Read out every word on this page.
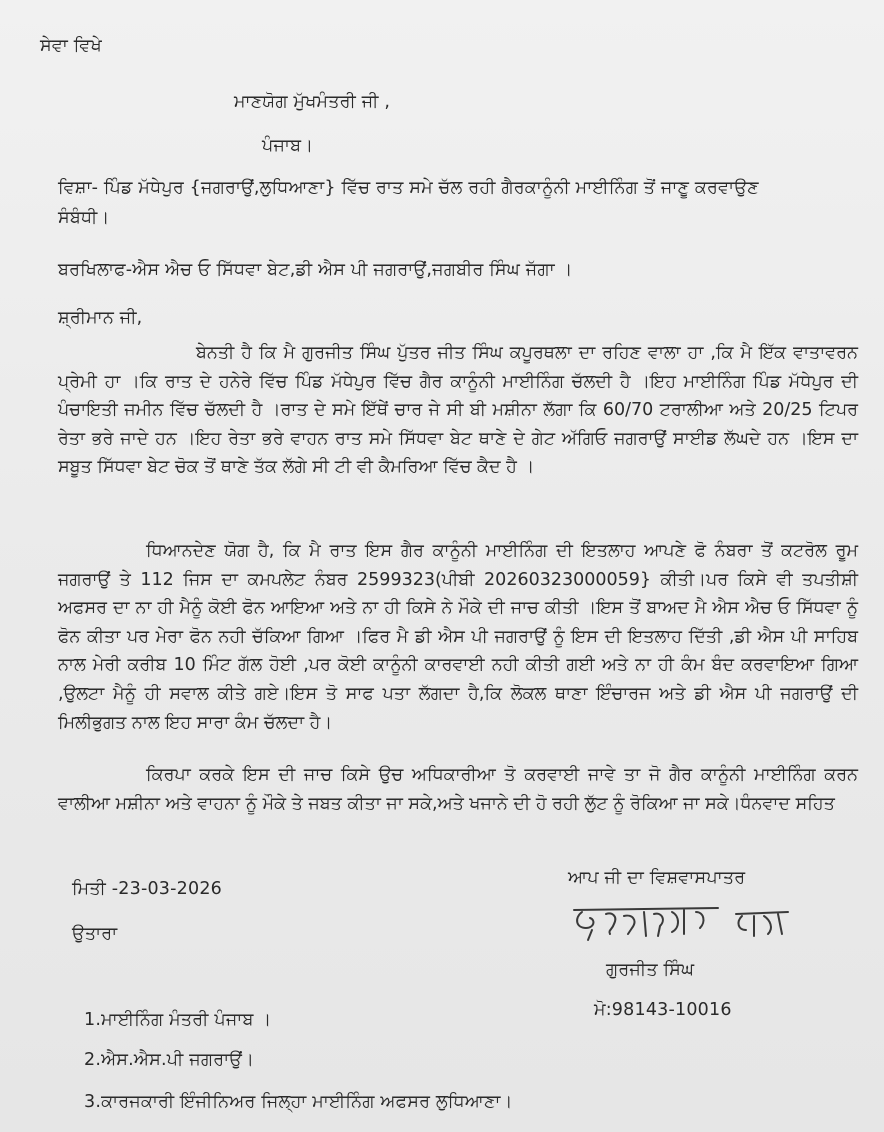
ਸੇਵਾ ਵਿਖੇ
ਮਾਣਯੋਗ ਮੁੱਖਮੰਤਰੀ ਜੀ ,
ਪੰਜਾਬ।
ਵਿਸ਼ਾ- ਪਿੰਡ ਮੱਧੇਪੁਰ {ਜਗਰਾਉਂ,ਲੁਧਿਆਣਾ} ਵਿੱਚ ਰਾਤ ਸਮੇ ਚੱਲ ਰਹੀ ਗੈਰਕਾਨੂੰਨੀ ਮਾਈਨਿੰਗ ਤੋਂ ਜਾਣੂ ਕਰਵਾਉਣ
ਸੰਬੰਧੀ।
ਬਰਖਿਲਾਫ-ਐਸ ਐਚ ਓ ਸਿੱਧਵਾ ਬੇਟ,ਡੀ ਐਸ ਪੀ ਜਗਰਾਉਂ,ਜਗਬੀਰ ਸਿੰਘ ਜੱਗਾ ।
ਸ਼੍ਰੀਮਾਨ ਜੀ,
ਬੇਨਤੀ ਹੈ ਕਿ ਮੈ ਗੁਰਜੀਤ ਸਿੰਘ ਪੁੱਤਰ ਜੀਤ ਸਿੰਘ ਕਪੂਰਥਲਾ ਦਾ ਰਹਿਣ ਵਾਲਾ ਹਾ ,ਕਿ ਮੈ ਇੱਕ ਵਾਤਾਵਰਨ ਪ੍ਰੇਮੀ ਹਾ ।ਕਿ ਰਾਤ ਦੇ ਹਨੇਰੇ ਵਿੱਚ ਪਿੰਡ ਮੱਧੇਪੁਰ ਵਿੱਚ ਗੈਰ ਕਾਨੂੰਨੀ ਮਾਈਨਿੰਗ ਚੱਲਦੀ ਹੈ ।ਇਹ ਮਾਈਨਿੰਗ ਪਿੰਡ ਮੱਧੇਪੁਰ ਦੀ ਪੰਚਾਇਤੀ ਜਮੀਨ ਵਿੱਚ ਚੱਲਦੀ ਹੈ ।ਰਾਤ ਦੇ ਸਮੇ ਇੱਥੇਂ ਚਾਰ ਜੇ ਸੀ ਬੀ ਮਸ਼ੀਨਾ ਲੱਗਾ ਕਿ 60/70 ਟਰਾਲੀਆ ਅਤੇ 20/25 ਟਿਪਰ ਰੇਤਾ ਭਰੇ ਜਾਦੇ ਹਨ ।ਇਹ ਰੇਤਾ ਭਰੇ ਵਾਹਨ ਰਾਤ ਸਮੇ ਸਿੱਧਵਾ ਬੇਟ ਥਾਣੇ ਦੇ ਗੇਟ ਅੱਗਿਓ ਜਗਰਾਉਂ ਸਾਈਡ ਲੱਘਦੇ ਹਨ ।ਇਸ ਦਾ ਸਬੂਤ ਸਿੱਧਵਾ ਬੇਟ ਚੋਕ ਤੋਂ ਥਾਣੇ ਤੱਕ ਲੱਗੇ ਸੀ ਟੀ ਵੀ ਕੈਮਰਿਆ ਵਿੱਚ ਕੈਦ ਹੈ ।
ਧਿਆਨਦੇਣ ਯੋਗ ਹੈ, ਕਿ ਮੈ ਰਾਤ ਇਸ ਗੈਰ ਕਾਨੂੰਨੀ ਮਾਈਨਿੰਗ ਦੀ ਇਤਲਾਹ ਆਪਣੇ ਫੋ ਨੰਬਰਾ ਤੋਂ ਕਟਰੋਲ ਰੂਮ ਜਗਰਾਉਂ ਤੇ 112 ਜਿਸ ਦਾ ਕਮਪਲੇਟ ਨੰਬਰ 2599323(ਪੀਬੀ 20260323000059} ਕੀਤੀ।ਪਰ ਕਿਸੇ ਵੀ ਤਪਤੀਸ਼ੀ ਅਫਸਰ ਦਾ ਨਾ ਹੀ ਮੈਨੂੰ ਕੋਈ ਫੋਨ ਆਇਆ ਅਤੇ ਨਾ ਹੀ ਕਿਸੇ ਨੇ ਮੌਕੇ ਦੀ ਜਾਚ ਕੀਤੀ ।ਇਸ ਤੋਂ ਬਾਅਦ ਮੈ ਐਸ ਐਚ ਓ ਸਿੱਧਵਾ ਨੂੰ ਫੋਨ ਕੀਤਾ ਪਰ ਮੇਰਾ ਫੋਨ ਨਹੀ ਚੱਕਿਆ ਗਿਆ ।ਫਿਰ ਮੈ ਡੀ ਐਸ ਪੀ ਜਗਰਾਉਂ ਨੂੰ ਇਸ ਦੀ ਇਤਲਾਹ ਦਿੱਤੀ ,ਡੀ ਐਸ ਪੀ ਸਾਹਿਬ ਨਾਲ ਮੇਰੀ ਕਰੀਬ 10 ਮਿੰਟ ਗੱਲ ਹੋਈ ,ਪਰ ਕੋਈ ਕਾਨੂੰਨੀ ਕਾਰਵਾਈ ਨਹੀ ਕੀਤੀ ਗਈ ਅਤੇ ਨਾ ਹੀ ਕੰਮ ਬੰਦ ਕਰਵਾਇਆ ਗਿਆ ,ਉਲਟਾ ਮੈਨੂੰ ਹੀ ਸਵਾਲ ਕੀਤੇ ਗਏ।ਇਸ ਤੋ ਸਾਫ ਪਤਾ ਲੱਗਦਾ ਹੈ,ਕਿ ਲੋਕਲ ਥਾਣਾ ਇੰਚਾਰਜ ਅਤੇ ਡੀ ਐਸ ਪੀ ਜਗਰਾਉਂ ਦੀ ਮਿਲੀਭੁਗਤ ਨਾਲ ਇਹ ਸਾਰਾ ਕੰਮ ਚੱਲਦਾ ਹੈ।
ਕਿਰਪਾ ਕਰਕੇ ਇਸ ਦੀ ਜਾਚ ਕਿਸੇ ਉਚ ਅਧਿਕਾਰੀਆ ਤੋ ਕਰਵਾਈ ਜਾਵੇ ਤਾ ਜੋ ਗੈਰ ਕਾਨੂੰਨੀ ਮਾਈਨਿੰਗ ਕਰਨ ਵਾਲੀਆ ਮਸ਼ੀਨਾ ਅਤੇ ਵਾਹਨਾ ਨੂੰ ਮੌਕੇ ਤੇ ਜਬਤ ਕੀਤਾ ਜਾ ਸਕੇ,ਅਤੇ ਖਜਾਨੇ ਦੀ ਹੋ ਰਹੀ ਲੁੱਟ ਨੂੰ ਰੋਕਿਆ ਜਾ ਸਕੇ।ਧੰਨਵਾਦ ਸਹਿਤ
ਆਪ ਜੀ ਦਾ ਵਿਸ਼ਵਾਸਪਾਤਰ
ਗੁਰਜੀਤ ਸਿੰਘ
ਮੋ:98143-10016
ਮਿਤੀ -23-03-2026
ਉਤਾਰਾ
1.ਮਾਈਨਿੰਗ ਮੰਤਰੀ ਪੰਜਾਬ ।
2.ਐਸ.ਐਸ.ਪੀ ਜਗਰਾਉਂ।
3.ਕਾਰਜਕਾਰੀ ਇੰਜੀਨਿਅਰ ਜਿਲ੍ਹਾ ਮਾਈਨਿੰਗ ਅਫਸਰ ਲੁਧਿਆਣਾ।
